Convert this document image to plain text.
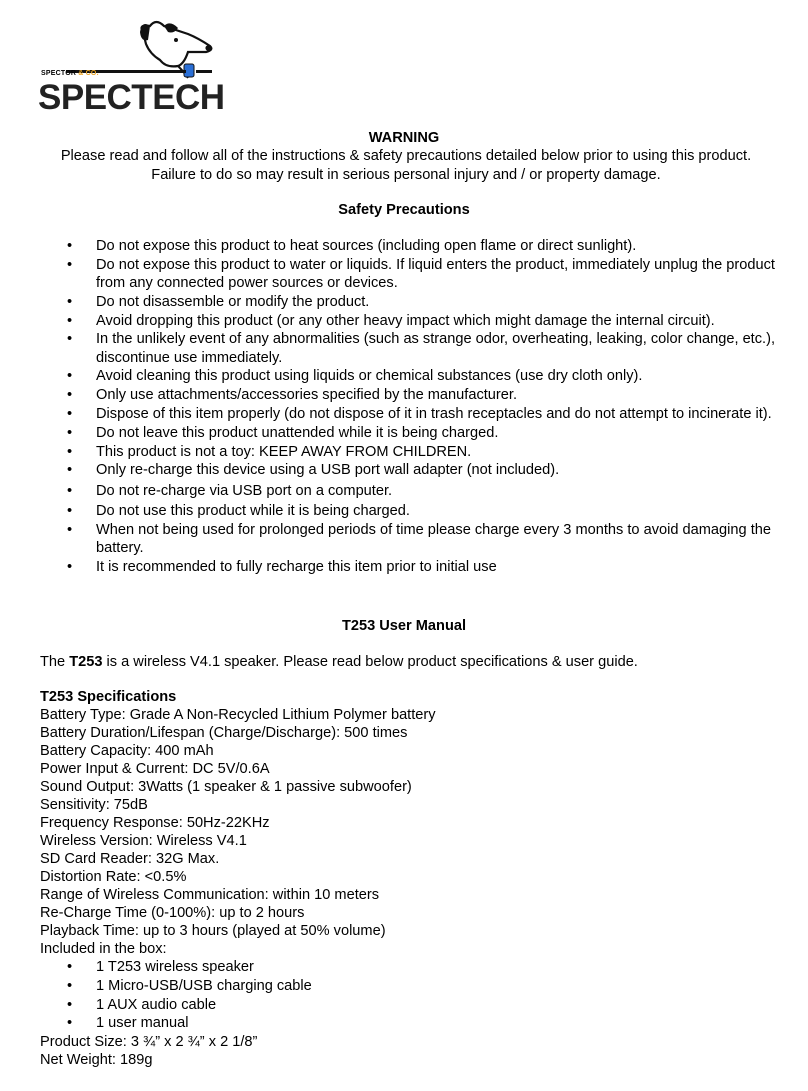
SPECTOR & CO.
SPECTECH
WARNING
Please read and follow all of the instructions & safety precautions detailed below prior to using this product. Failure to do so may result in serious personal injury and / or property damage.
Safety Precautions
• Do not expose this product to heat sources (including open flame or direct sunlight).
• Do not expose this product to water or liquids. If liquid enters the product, immediately unplug the product from any connected power sources or devices.
• Do not disassemble or modify the product.
• Avoid dropping this product (or any other heavy impact which might damage the internal circuit).
• In the unlikely event of any abnormalities (such as strange odor, overheating, leaking, color change, etc.), discontinue use immediately.
• Avoid cleaning this product using liquids or chemical substances (use dry cloth only).
• Only use attachments/accessories specified by the manufacturer.
• Dispose of this item properly (do not dispose of it in trash receptacles and do not attempt to incinerate it).
• Do not leave this product unattended while it is being charged.
• This product is not a toy: KEEP AWAY FROM CHILDREN.
• Only re-charge this device using a USB port wall adapter (not included).
• Do not re-charge via USB port on a computer.
• Do not use this product while it is being charged.
• When not being used for prolonged periods of time please charge every 3 months to avoid damaging the battery.
• It is recommended to fully recharge this item prior to initial use
T253 User Manual
The T253 is a wireless V4.1 speaker. Please read below product specifications & user guide.
T253 Specifications
Battery Type: Grade A Non-Recycled Lithium Polymer battery
Battery Duration/Lifespan (Charge/Discharge): 500 times
Battery Capacity: 400 mAh
Power Input & Current: DC 5V/0.6A
Sound Output: 3Watts (1 speaker & 1 passive subwoofer)
Sensitivity: 75dB
Frequency Response: 50Hz-22KHz
Wireless Version: Wireless V4.1
SD Card Reader: 32G Max.
Distortion Rate: <0.5%
Range of Wireless Communication: within 10 meters
Re-Charge Time (0-100%): up to 2 hours
Playback Time: up to 3 hours (played at 50% volume)
Included in the box:
• 1 T253 wireless speaker
• 1 Micro-USB/USB charging cable
• 1 AUX audio cable
• 1 user manual
Product Size: 3 ¾” x 2 ¾” x 2 1/8”
Net Weight: 189g
